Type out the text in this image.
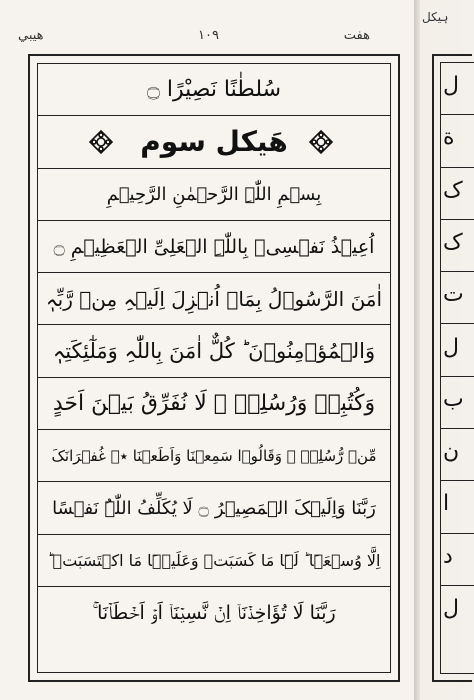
ھفت
١٠٩
هيبي
سُلطٰنًا نَصِیْرًا ۝
ھَیکل سوم
بِسۡمِ اللّٰہِ الرَّحۡمٰنِ الرَّحِیۡمِ
اُعِیۡذُ نَفۡسِیۡ بِاللّٰہِ الۡعَلِیِّ الۡعَظِیۡمِ ۝
اٰمَنَ الرَّسُوۡلُ بِمَاۤ اُنۡزِلَ اِلَیۡہِ مِنۡ رَّبِّہٖ
وَالۡمُؤۡمِنُوۡنَ ؕ کُلٌّ اٰمَنَ بِاللّٰہِ وَمَلٰٓئِکَتِہٖ
وَکُتُبِہٖ وَرُسُلِہٖ ۟ لَا نُفَرِّقُ بَیۡنَ اَحَدٍ
مِّنۡ رُّسُلِہٖ ۟ وَقَالُوۡا سَمِعۡنَا وَاَطَعۡنَا ٭۫ غُفۡرَانَکَ
رَبَّنَا وَاِلَیۡکَ الۡمَصِیۡرُ ۝ لَا یُکَلِّفُ اللّٰہُ نَفۡسًا
اِلَّا وُسۡعَہَا ؕ لَہَا مَا کَسَبَتۡ وَعَلَیۡہَا مَا اکۡتَسَبَتۡ ؕ
رَبَّنَا لَا تُؤَاخِذۡنَاۤ اِنۡ نَّسِیۡنَاۤ اَوۡ اَخۡطَاۡنَا ۚ
ہیکل
ل
ة
ک
ک
ت
ل
ب
ن
ا
د
ل
